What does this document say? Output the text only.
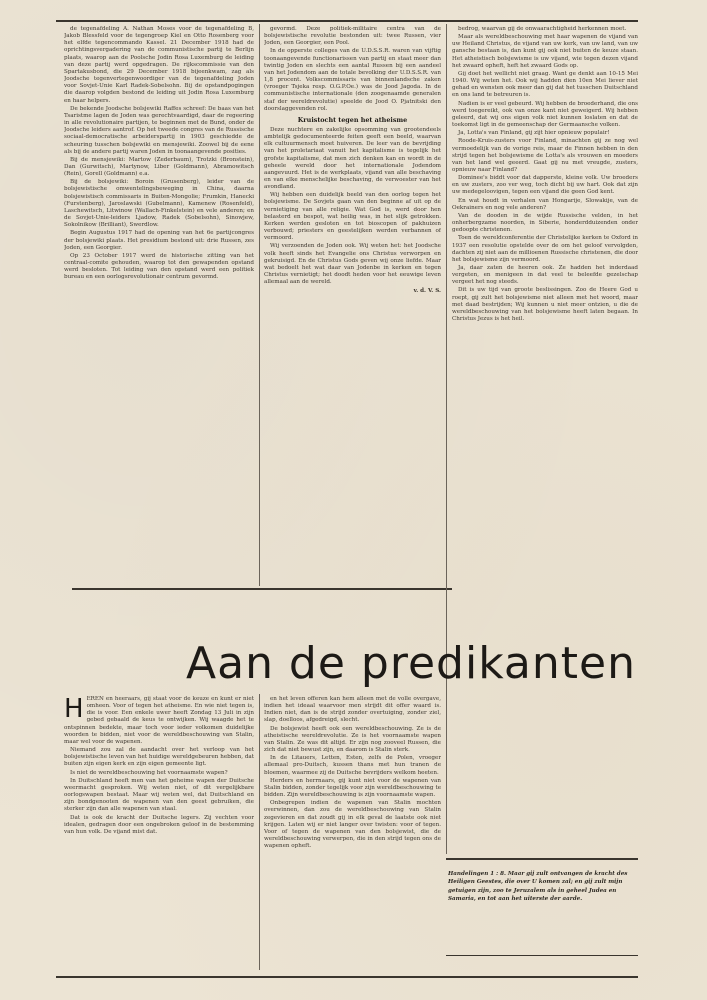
de tegenafdeling A. Nathan Moses voor de tegenafdeling B, Jakob Blessfeld voor de tegengroep Kiel en Otto Rosenberg voor het elfde tegencommando Kassel. 21 December 1918 had de oprichtingsvergadering van de communistische partij te Berlijn plaats, waarop aan de Poolsche Jodin Rosa Luxemburg de leiding van deze partij werd opgedragen. De rijkscommissie van den Spartakusbond, die 29 December 1918 bijeenkwam, zag als Joodsche tegenvertegenwoordiger van de tegenafdeling Joden voor Sovjet-Unie Karl Radek-Sobelsohn. Bij de opstandpogingen die daarop volgden bestond de leiding uit Jodin Rosa Luxemburg en haar helpers.

De bekende Joodsche bolsjewiki Raffes schreef: De baas van het Tsaristme lagen de Joden was gerechtvaardigd, daar de regeering in alle revolutionaire partijen, te beginnen met de Bund, onder de Joodsche leiders aantrof. Op het tweede congres van de Russische sociaal-democratische arbeiderspartij in 1903 geschiedde de scheuring tusschen bolsjewiki en mensjewiki. Zoowel bij de eene als bij de andere partij waren Joden in toonaangevende posities.

Bij de mensjewiki: Martow (Zederbaum), Trotzki (Bronstein), Dan (Gurwitsch), Martynow, Liber (Goldmann), Abramowitsch (Rein), Gorell (Goldmann) e.a.

Bij de bolsjewiki: Boroin (Grusenberg), leider van de bolsjewistische omwentelingsbeweging in China, daarna bolsjewistisch commissaris in Buiten-Mongolie; Frumkin, Hanecki (Furstenberg), Jaroslawski (Gubelmann), Kamenew (Rosenfeld), Laschewitsch, Litwinow (Wallach-Finkelstein) en vele anderen; en de Sovjet-Unie-leiders Ljadow, Radek (Sobelsohn), Sinowjew, Sokolnikow (Brilliant), Swerdlow.

Begin Augustus 1917 had de opening van het 6e partijcongres der bolsjewiki plaats. Het presidium bestond uit: drie Russen, zes Joden, een Georgier.

Op 23 October 1917 werd de historische zitting van het centraal-comite gehouden, waarop tot den gewapenden opstand werd besloten. Tot leiding van den opstand werd een politiek bureau en een oorlogsrevolutionair centrum gevormd.

gevormd. Deze politiek-militaire centra van de bolsjewistische revolutie bestonden uit: twee Russen, vier Joden, een Georgier, een Pool.

In de opperste colleges van de U.D.S.S.R. waren van vijftig toonaangevende functionarissen van partij en staat meer dan twintig Joden en slechts een aantal Russen bij een aandeel van het Jodendom aan de totale bevolking der U.D.S.S.R. van 1,8 procent. Volkscommissaris van binnenlandsche zaken (vroeger Tsjeka resp. O.G.P.Oe.) was de Jood Jagoda. In de communistische internationale (den zoogenaamde generalen staf der wereldrevolutie) speelde de Jood O. Pjatnitski den doorslaggevenden rol.

Kruistocht tegen het atheisme

Deze nuchtere en zakelijke opsomming van grootendeels ambtelijk gedocumenteerde feiten geeft een beeld, waarvan elk cultuurmensch moet huiveren. De leer van de bevrijding van het proletariaat vanuit het kapitalisme is tegelijk het grofste kapitalisme, dat men zich denken kan en wordt in de geheele wereld door het internationale Jodendom aangevuurd. Het is de werkplaats, vijand van alle beschaving en van elke menschelijke beschaving, de verwoester van het avondland.

Wij hebben een duidelijk beeld van den oorlog tegen het bolsjewisme. De Sovjets gaan van den beginne af uit op de vernietiging van alle religie. Wat God is, werd door hen belasterd en bespot, wat heilig was, in het slijk getrokken. Kerken werden gesloten en tot bioscopen of pakhuizen verbouwd; priesters en geestelijken werden verbannen of vermoord.

Wij verzoenden de Joden ook. Wij weten het: het Joodsche volk heeft sinds het Evangelie ons Christus verworpen en gekruisigd. En de Christus Gods geven wij onze liefde. Maar wat bedoelt het wat daar van Jodenbe in kerken en tegen Christus vernietigt; het doodt heden voor het eeuwige leven allemaal aan de wereld.

v. d. V. S.

bedrog, waarvan gij de onwaarachtigheid herkennen moet.

Maar als wereldbeschouwing met haar wapenen de vijand van uw Heiland Christus, de vijand van uw kerk, van uw land, van uw gansche bestaan is, dan kunt gij ook niet buiten de keuze staan. Het atheistisch bolsjewisme is uw vijand, wie tegen dezen vijand het zwaard opheft, heft het zwaard Gods op.

Gij doet het wellicht niet graag. Want ge denkt aan 10-15 Mei 1940. Wij weten het. Ook wij hadden dien 10en Mei liever niet gehad en wensten ook meer dan gij dat het tusschen Duitschland en ons land te betreuren is.

Nadien is er veel gebeurd. Wij hebben de broederhand, die ons werd toegereikt, ook van onze kant niet geweigerd. Wij hebben geleerd, dat wij ons eigen volk niet kunnen loslaten en dat de toekomst ligt in de gemeenschap der Germaansche volken.

Ja, Lotta's van Finland, gij zijt hier opnieuw populair!

Roode-Kruis-zusters voor Finland, minachten gij ze nog wel vermoedelijk van de vorige reis, maar de Finnen hebben in den strijd tegen het bolsjewisme de Lotta's als vrouwen en moeders van het land wel geeerd. Gaat gij nu met vreugde, zusters, opnieuw naar Finland?

Dominee's biddt voor dat dapperste, kleine volk. Uw broeders en uw zusters, zoo ver weg, toch dicht bij uw hart. Ook dat zijn uw medegeloovigen, tegen een vijand die geen God kent.

En wat houdt in verhalen van Hongarije, Slowakije, van de Oekrainers en nog vele anderen?

Van de dooden in de wijde Russische velden, in het onherbergzame noorden, in Siberie, honderdduizenden onder gedoopte christenen.

Toen de wereldconferentie der Christelijke kerken te Oxford in 1937 een resolutie opstelde over de om het geloof vervolgden, dachten zij niet aan de millioenen Russische christenen, die door het bolsjewisme zijn vermoord.

Ja, daar zaten de heeren ook. Ze hadden het inderdaad vergeten, en menigeen in dat veel te beleefde gezelschap vergeet het nog steeds.

Dit is uw tijd van groote beslissingen. Zoo de Heere God u roept, gij zult het bolsjewisme niet alleen met het woord, maar met daad bestrijden; Wij kunnen u niet meer ontzien, u die de wereldbeschouwing van het bolsjewisme heeft laten begaan. In Christus Jezus is het heil.

Aan de predikanten

HEREN en heeraars, gij staat voor de keuze en kunt er niet omheen. Voor of tegen het atheisme. En wie niet tegen is, die is voor. Een enkele uwer heeft Zondag 13 Juli in zijn gebed gebaald de keus te ontwijken. Wij waagde het te ontspinnen bedekte, maar toch voor ieder volkomen duidelijke woorden te bidden, niet voor de wereldbeschouwing van Stalin, maar wel voor de wapenen.

Niemand zou zal de aandacht over het verloop van het bolsjewistische leven van het huidige wereldgebeuren hebben, dat buiten zijn eigen kerk en zijn eigen gemeente ligt.

Is niet de wereldbeschouwing het voornaamste wapen?

In Duitschland heeft men van het geheime wapen der Duitsche weermacht gesproken. Wij weten niet, of dit vergelijkbare oorlogswapen bestaat. Maar wij weten wel, dat Duitschland en zijn bondgenooten de wapenen van den geest gebruiken, die sterker zijn dan alle wapenen van staal.

Dat is ook de kracht der Duitsche legers. Zij vechten voor idealen, gedragen door een ongebroken geloof in de bestemming van hun volk. De vijand mist dat.

en het leven offeren kan hem alleen met de volle overgave, indien het ideaal waarvoor men strijdt dit offer waard is. Indien niet, dan is de strijd zonder overtuiging, zonder ziel, slap, doelloos, afgedreigd, slecht.

De bolsjewist heeft ook een wereldbeschouwing. Ze is de atheistische wereldrevolutie. Ze is het voornaamste wapen van Stalin. Ze was dit altijd. Er zijn nog zooveel Russen, die zich dat niet bewust zijn, en daarom is Stalin sterk.

In de Litauers, Letten, Esten, zelfs de Polen, vroeger allemaal pro-Duitsch, kussen thans met hun tranen de bloemen, waarmee zij de Duitsche bevrijders welkom heeten.

Herders en herrnaars, gij kunt niet voor de wapenen van Stalin bidden, zonder tegelijk voor zijn wereldbeschouwing te bidden. Zijn wereldbeschouwing is zijn voornaamste wapen.

Onbegrepen indien de wapenen van Stalin mochten overwinnen, dan zou de wereldbeschouwing van Stalin zegevieren en dat zoudt gij in elk geval de laatste ook niet krijgen. Laten wij er niet langer over twisten: voor of tegen. Voor of tegen de wapenen van den bolsjewist, die de wereldbeschouwing verwerpen, die in den strijd tegen ons de wapenen opheft.

Handelingen 1 : 8. Maar gij zult ontvangen de kracht des Heiligen Geestes, die over U komen zal; en gij zult mijn getuigen zijn, zoo te Jeruzalem als in geheel Judea en Samaria, en tot aan het uiterste der aarde.
